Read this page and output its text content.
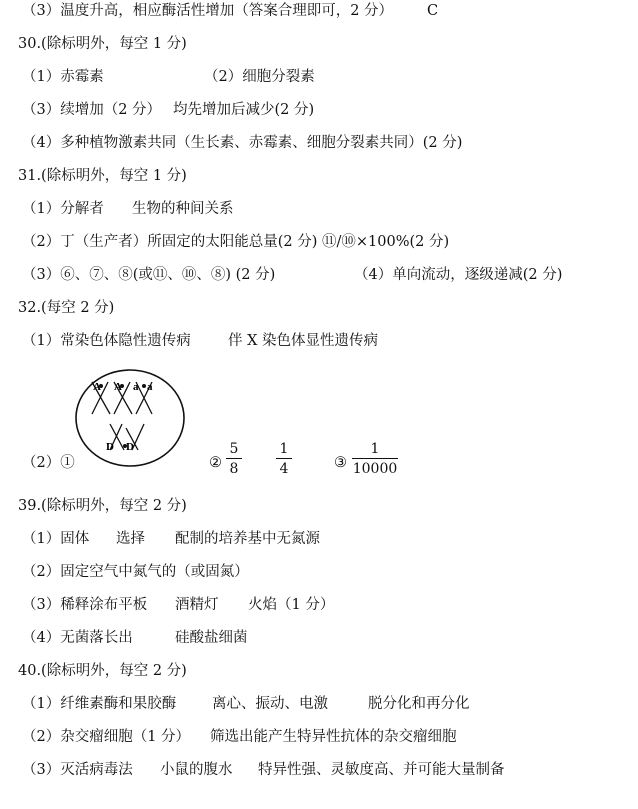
（3）温度升高，相应酶活性增加（答案合理即可，2 分） C
30.(除标明外，每空 1 分)
（1）赤霉素	（2）细胞分裂素
（3）续增加（2 分） 均先增加后减少(2 分)
（4）多种植物激素共同（生长素、赤霉素、细胞分裂素共同）(2 分)
31.(除标明外，每空 1 分)
（1）分解者 生物的种间关系
（2）丁（生产者）所固定的太阳能总量(2 分) ⑪/⑩×100%(2 分)
（3）⑥、⑦、⑧(或⑪、⑩、⑧) (2 分)	（4）单向流动，逐级递减(2 分)
32.(每空 2 分)
（1）常染色体隐性遗传病	伴 X 染色体显性遗传病
A A a a
D D
（2）①	②	③
$\frac{5}{8} \frac{1}{4}$	$\frac{1}{10000}$
39.(除标明外，每空 2 分)
（1）固体 选择 配制的培养基中无氮源
（2）固定空气中氮气的（或固氮）
（3）稀释涂布平板 酒精灯 火焰（1 分）
（4）无菌落长出	硅酸盐细菌
40.(除标明外，每空 2 分)
（1）纤维素酶和果胶酶 离心、振动、电激	脱分化和再分化
（2）杂交瘤细胞（1 分） 筛选出能产生特异性抗体的杂交瘤细胞
（3）灭活病毒法 小鼠的腹水 特异性强、灵敏度高、并可能大量制备
